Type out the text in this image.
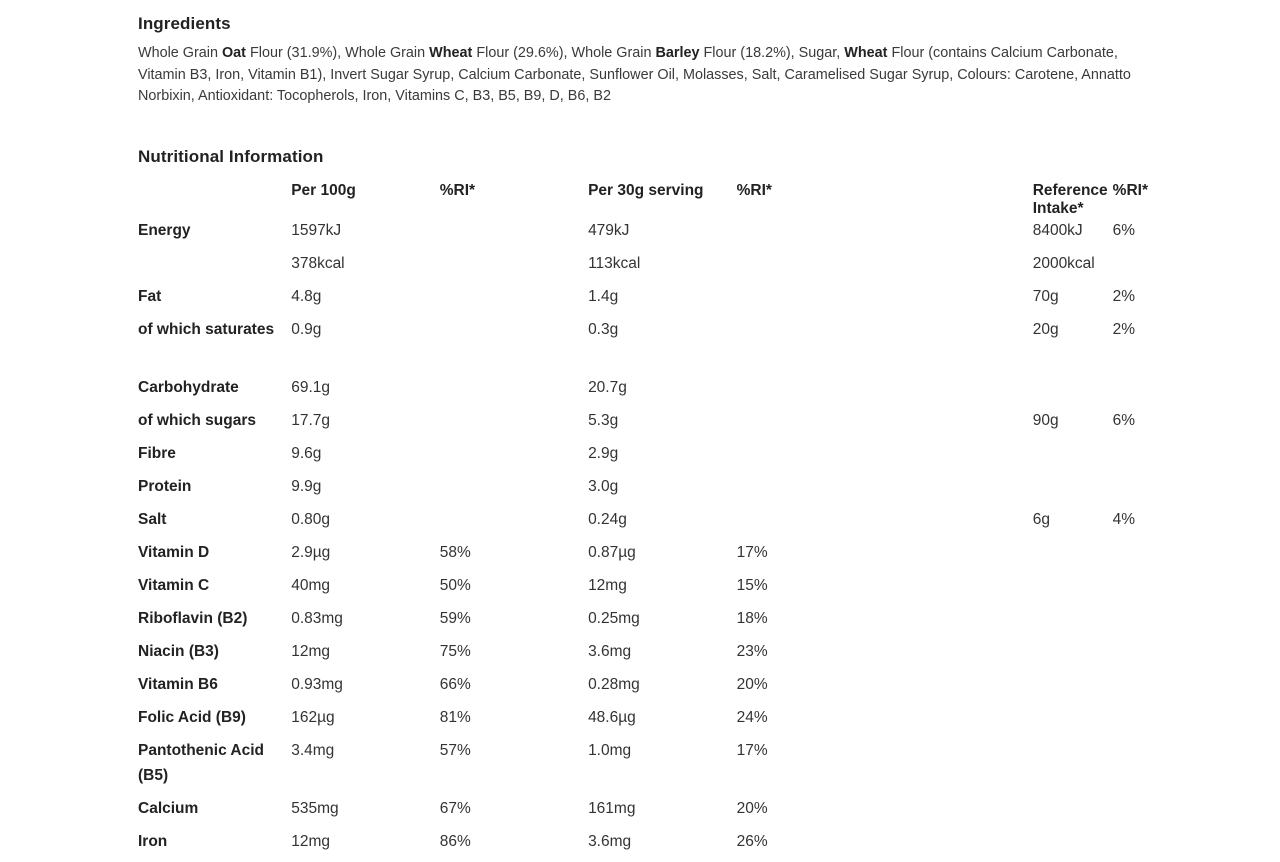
Ingredients
Whole Grain Oat Flour (31.9%), Whole Grain Wheat Flour (29.6%), Whole Grain Barley Flour (18.2%), Sugar, Wheat Flour (contains Calcium Carbonate, Vitamin B3, Iron, Vitamin B1), Invert Sugar Syrup, Calcium Carbonate, Sunflower Oil, Molasses, Salt, Caramelised Sugar Syrup, Colours: Carotene, Annatto Norbixin, Antioxidant: Tocopherols, Iron, Vitamins C, B3, B5, B9, D, B6, B2
Nutritional Information
	Per 100g	%RI*	Per 30g serving	%RI*		Reference Intake*	%RI*
Energy	1597kJ		479kJ			8400kJ	6%
	378kcal		113kcal			2000kcal	
Fat	4.8g		1.4g			70g	2%
of which saturates	0.9g		0.3g			20g	2%
Carbohydrate	69.1g		20.7g				
of which sugars	17.7g		5.3g			90g	6%
Fibre	9.6g		2.9g				
Protein	9.9g		3.0g				
Salt	0.80g		0.24g			6g	4%
Vitamin D	2.9µg	58%	0.87µg	17%			
Vitamin C	40mg	50%	12mg	15%			
Riboflavin (B2)	0.83mg	59%	0.25mg	18%			
Niacin (B3)	12mg	75%	3.6mg	23%			
Vitamin B6	0.93mg	66%	0.28mg	20%			
Folic Acid (B9)	162µg	81%	48.6µg	24%			
Pantothenic Acid (B5)	3.4mg	57%	1.0mg	17%			
Calcium	535mg	67%	161mg	20%			
Iron	12mg	86%	3.6mg	26%			
